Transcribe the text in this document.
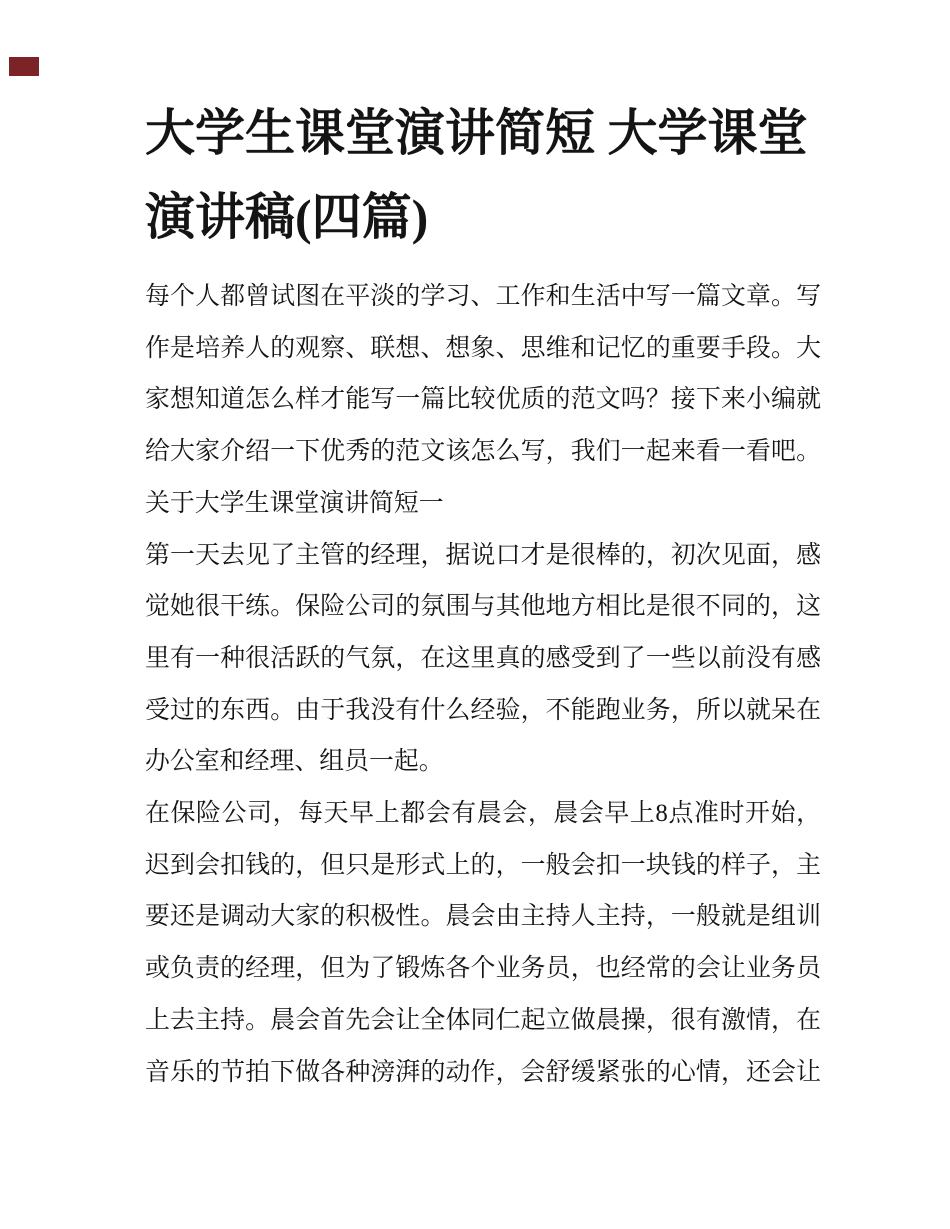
大学生课堂演讲简短 大学课堂
演讲稿(四篇)
每个人都曾试图在平淡的学习、工作和生活中写一篇文章。写
作是培养人的观察、联想、想象、思维和记忆的重要手段。大
家想知道怎么样才能写一篇比较优质的范文吗？接下来小编就
给大家介绍一下优秀的范文该怎么写，我们一起来看一看吧。
关于大学生课堂演讲简短一
第一天去见了主管的经理，据说口才是很棒的，初次见面，感
觉她很干练。保险公司的氛围与其他地方相比是很不同的，这
里有一种很活跃的气氛，在这里真的感受到了一些以前没有感
受过的东西。由于我没有什么经验，不能跑业务，所以就呆在
办公室和经理、组员一起。
在保险公司，每天早上都会有晨会，晨会早上8点准时开始，
迟到会扣钱的，但只是形式上的，一般会扣一块钱的样子，主
要还是调动大家的积极性。晨会由主持人主持，一般就是组训
或负责的经理，但为了锻炼各个业务员，也经常的会让业务员
上去主持。晨会首先会让全体同仁起立做晨操，很有激情，在
音乐的节拍下做各种滂湃的动作，会舒缓紧张的心情，还会让
